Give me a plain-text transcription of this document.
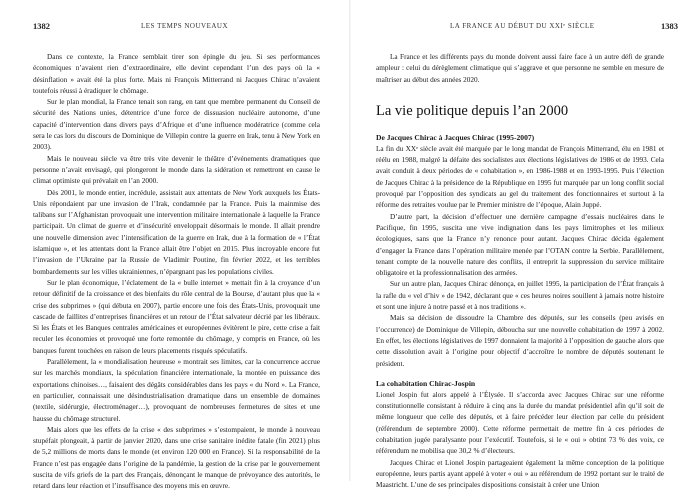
1382	LES TEMPS NOUVEAUX

Dans ce contexte, la France semblait tirer son épingle du jeu. Si ses performances économiques n’avaient rien d’extraordinaire, elle devint cependant l’un des pays où la « désinflation » avait été la plus forte. Mais ni François Mitterrand ni Jacques Chirac n’avaient toutefois réussi à éradiquer le chômage.

Sur le plan mondial, la France tenait son rang, en tant que membre permanent du Conseil de sécurité des Nations unies, détentrice d’une force de dissuasion nucléaire autonome, d’une capacité d’intervention dans divers pays d’Afrique et d’une influence modératrice (comme cela sera le cas lors du discours de Dominique de Villepin contre la guerre en Irak, tenu à New York en 2003).

Mais le nouveau siècle va être très vite devenir le théâtre d’événements dramatiques que personne n’avait envisagé, qui plongeront le monde dans la sidération et remettront en cause le climat optimiste qui prévalait en l’an 2000.

Dès 2001, le monde entier, incrédule, assistait aux attentats de New York auxquels les États-Unis répondaient par une invasion de l’Irak, condamnée par la France. Puis la mainmise des talibans sur l’Afghanistan provoquait une intervention militaire internationale à laquelle la France participait. Un climat de guerre et d’insécurité enveloppait désormais le monde. Il allait prendre une nouvelle dimension avec l’intensification de la guerre en Irak, due à la formation de « l’État islamique », et les attentats dont la France allait être l’objet en 2015. Plus incroyable encore fut l’invasion de l’Ukraine par la Russie de Vladimir Poutine, fin février 2022, et les terribles bombardements sur les villes ukrainiennes, n’épargnant pas les populations civiles.

Sur le plan économique, l’éclatement de la « bulle internet » mettait fin à la croyance d’un retour définitif de la croissance et des bienfaits du rôle central de la Bourse, d’autant plus que la « crise des subprimes » (qui débuta en 2007), partie encore une fois des États-Unis, provoquait une cascade de faillites d’entreprises financières et un retour de l’État salvateur décrié par les libéraux. Si les États et les Banques centrales américaines et européennes évitèrent le pire, cette crise a fait reculer les économies et provoqué une forte remontée du chômage, y compris en France, où les banques furent touchées en raison de leurs placements risqués spéculatifs.

Parallèlement, la « mondialisation heureuse » montrait ses limites, car la concurrence accrue sur les marchés mondiaux, la spéculation financière internationale, la montée en puissance des exportations chinoises…, faisaient des dégâts considérables dans les pays « du Nord ». La France, en particulier, connaissait une désindustrialisation dramatique dans un ensemble de domaines (textile, sidérurgie, électroménager…), provoquant de nombreuses fermetures de sites et une hausse du chômage structurel.

Mais alors que les effets de la crise « des subprimes » s’estompaient, le monde à nouveau stupéfait plongeait, à partir de janvier 2020, dans une crise sanitaire inédite fatale (fin 2021) plus de 5,2 millions de morts dans le monde (et environ 120 000 en France). Si la responsabilité de la France n’est pas engagée dans l’origine de la pandémie, la gestion de la crise par le gouvernement suscita de vifs griefs de la part des Français, dénonçant le manque de prévoyance des autorités, le retard dans leur réaction et l’insuffisance des moyens mis en œuvre.

LA FRANCE AU DÉBUT DU XXIᵉ SIÈCLE	1383

La France et les différents pays du monde doivent aussi faire face à un autre défi de grande ampleur : celui du dérèglement climatique qui s’aggrave et que personne ne semble en mesure de maîtriser au début des années 2020.

La vie politique depuis l’an 2000
De Jacques Chirac à Jacques Chirac (1995-2007)

La fin du XXᵉ siècle avait été marquée par le long mandat de François Mitterrand, élu en 1981 et réélu en 1988, malgré la défaite des socialistes aux élections législatives de 1986 et de 1993. Cela avait conduit à deux périodes de « cohabitation », en 1986-1988 et en 1993-1995. Puis l’élection de Jacques Chirac à la présidence de la République en 1995 fut marquée par un long conflit social provoqué par l’opposition des syndicats au gel du traitement des fonctionnaires et surtout à la réforme des retraites voulue par le Premier ministre de l’époque, Alain Juppé.

D’autre part, la décision d’effectuer une dernière campagne d’essais nucléaires dans le Pacifique, fin 1995, suscita une vive indignation dans les pays limitrophes et les milieux écologiques, sans que la France n’y renonce pour autant. Jacques Chirac décida également d’engager la France dans l’opération militaire menée par l’OTAN contre la Serbie. Parallèlement, tenant compte de la nouvelle nature des conflits, il entreprit la suppression du service militaire obligatoire et la professionnalisation des armées.

Sur un autre plan, Jacques Chirac dénonça, en juillet 1995, la participation de l’État français à la rafle du « vel d’hiv » de 1942, déclarant que « ces heures noires souillent à jamais notre histoire et sont une injure à notre passé et à nos traditions ».

Mais sa décision de dissoudre la Chambre des députés, sur les conseils (peu avisés en l’occurrence) de Dominique de Villepin, déboucha sur une nouvelle cohabitation de 1997 à 2002. En effet, les élections législatives de 1997 donnaient la majorité à l’opposition de gauche alors que cette dissolution avait à l’origine pour objectif d’accroître le nombre de députés soutenant le président.

La cohabitation Chirac-Jospin

Lionel Jospin fut alors appelé à l’Élysée. Il s’accorda avec Jacques Chirac sur une réforme constitutionnelle consistant à réduire à cinq ans la durée du mandat présidentiel afin qu’il soit de même longueur que celle des députés, et à faire précéder leur élection par celle du président (référendum de septembre 2000). Cette réforme permettait de mettre fin à ces périodes de cohabitation jugée paralysante pour l’exécutif. Toutefois, si le « oui » obtint 73 % des voix, ce référendum ne mobilisa que 30,2 % d’électeurs.

Jacques Chirac et Lionel Jospin partageaient également la même conception de la politique européenne, leurs partis ayant appelé à voter « oui » au référendum de 1992 portant sur le traité de Maastricht. L’une de ses principales dispositions consistait à créer une Union
